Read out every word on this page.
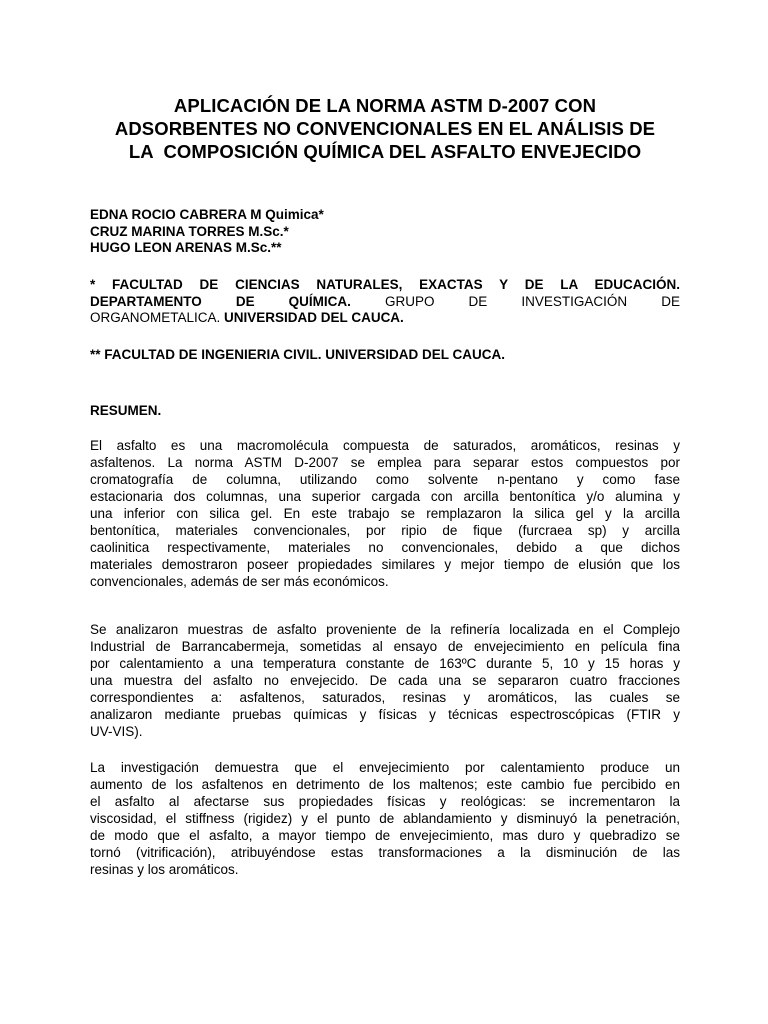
APLICACIÓN DE LA NORMA ASTM D-2007 CON
ADSORBENTES NO CONVENCIONALES EN EL ANÁLISIS DE
LA  COMPOSICIÓN QUÍMICA DEL ASFALTO ENVEJECIDO
EDNA ROCIO CABRERA M Quimica*
CRUZ MARINA TORRES M.Sc.*
HUGO LEON ARENAS M.Sc.**
* FACULTAD DE CIENCIAS NATURALES, EXACTAS Y DE LA EDUCACIÓN.
DEPARTAMENTO DE QUÍMICA.	GRUPO DE INVESTIGACIÓN DE
ORGANOMETALICA. UNIVERSIDAD DEL CAUCA.
** FACULTAD DE INGENIERIA CIVIL. UNIVERSIDAD DEL CAUCA.
RESUMEN.
El asfalto es una macromolécula compuesta de saturados, aromáticos, resinas y
asfaltenos. La norma ASTM D-2007 se emplea para separar estos compuestos por
cromatografía de columna, utilizando como solvente n-pentano y como fase
estacionaria dos columnas, una superior cargada con arcilla bentonítica y/o alumina y
una inferior con silica gel. En este trabajo se remplazaron la silica gel y la arcilla
bentonítica, materiales convencionales, por ripio de fique (furcraea sp) y arcilla
caolinitica respectivamente, materiales no convencionales, debido a que dichos
materiales demostraron poseer propiedades similares y mejor tiempo de elusión que los
convencionales, además de ser más económicos.
Se analizaron muestras de asfalto proveniente de la refinería localizada en el Complejo
Industrial de Barrancabermeja, sometidas al ensayo de envejecimiento en película fina
por calentamiento a una temperatura constante de 163ºC durante 5, 10 y 15 horas y
una muestra del asfalto no envejecido. De cada una se separaron cuatro fracciones
correspondientes a: asfaltenos, saturados, resinas y aromáticos, las cuales se
analizaron mediante pruebas químicas y físicas y técnicas espectroscópicas (FTIR y
UV-VIS).
La investigación demuestra que el envejecimiento por calentamiento produce un
aumento de los asfaltenos en detrimento de los maltenos; este cambio fue percibido en
el asfalto al afectarse sus propiedades físicas y reológicas: se incrementaron la
viscosidad, el stiffness (rigidez) y el punto de ablandamiento y disminuyó la penetración,
de modo que el asfalto, a mayor tiempo de envejecimiento, mas duro y quebradizo se
tornó (vitrificación), atribuyéndose estas transformaciones a la disminución de las
resinas y los aromáticos.
